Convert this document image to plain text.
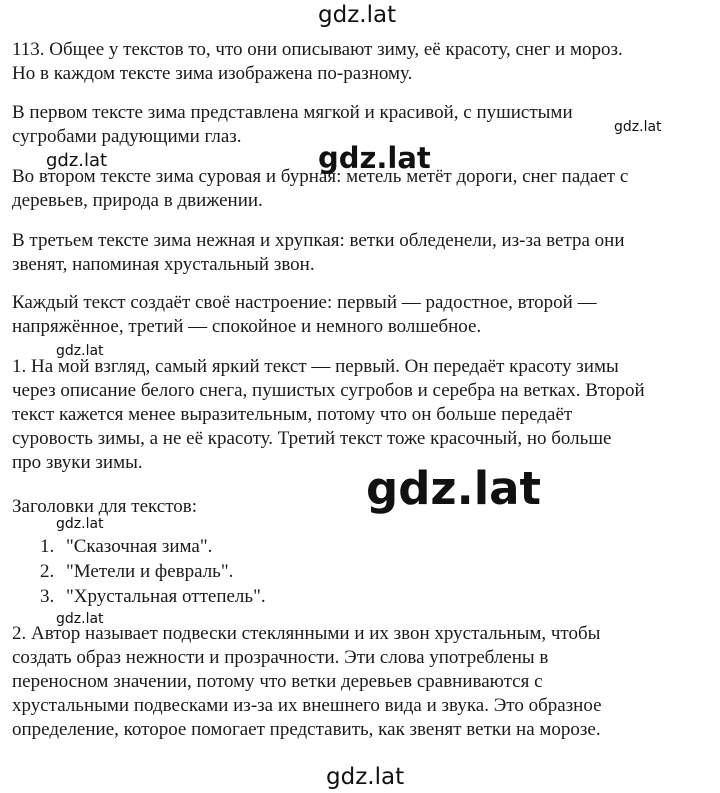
113. Общее у текстов то, что они описывают зиму, её красоту, снег и мороз.
Но в каждом тексте зима изображена по-разному.

В первом тексте зима представлена мягкой и красивой, с пушистыми
сугробами радующими глаз.

Во втором тексте зима суровая и бурная: метель метёт дороги, снег падает с
деревьев, природа в движении.

В третьем тексте зима нежная и хрупкая: ветки обледенели, из-за ветра они
звенят, напоминая хрустальный звон.

Каждый текст создаёт своё настроение: первый — радостное, второй —
напряжённое, третий — спокойное и немного волшебное.

1. На мой взгляд, самый яркий текст — первый. Он передаёт красоту зимы
через описание белого снега, пушистых сугробов и серебра на ветках. Второй
текст кажется менее выразительным, потому что он больше передаёт
суровость зимы, а не её красоту. Третий текст тоже красочный, но больше
про звуки зимы.

Заголовки для текстов:

1. "Сказочная зима".
2. "Метели и февраль".
3. "Хрустальная оттепель".

2. Автор называет подвески стеклянными и их звон хрустальным, чтобы
создать образ нежности и прозрачности. Эти слова употреблены в
переносном значении, потому что ветки деревьев сравниваются с
хрустальными подвесками из-за их внешнего вида и звука. Это образное
определение, которое помогает представить, как звенят ветки на морозе.

gdz.lat
gdz.lat
gdz.lat	gdz.lat
gdz.lat
gdz.lat
gdz.lat
gdz.lat
gdz.lat
